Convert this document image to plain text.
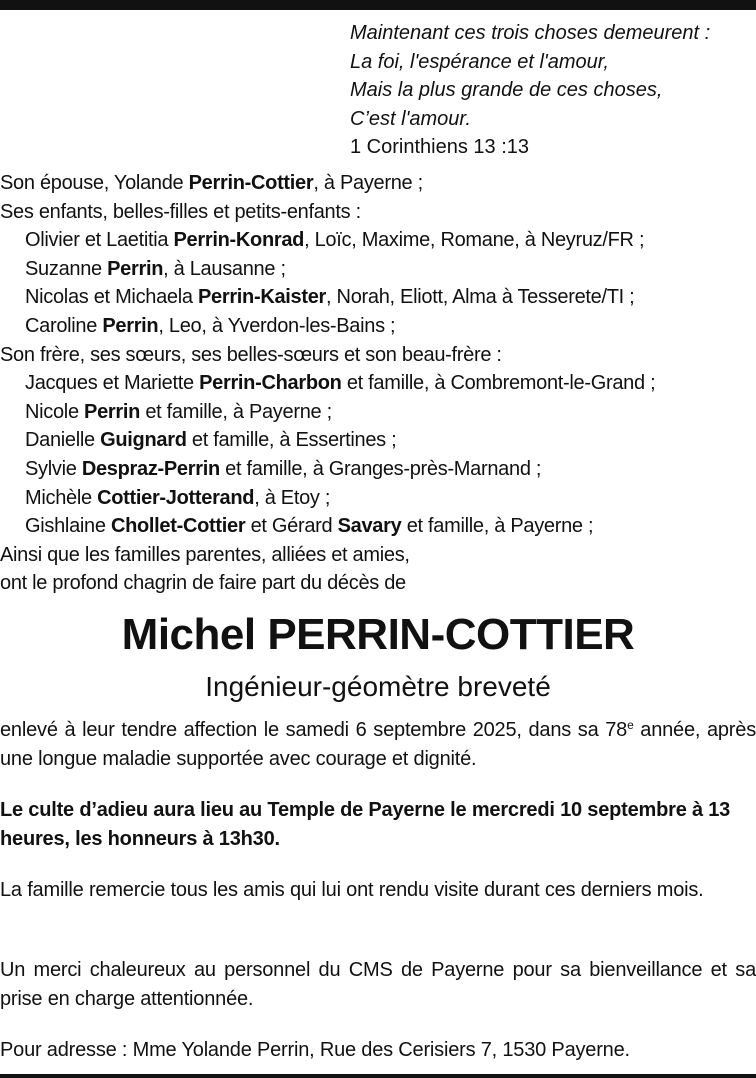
Maintenant ces trois choses demeurent :
La foi, l'espérance et l'amour,
Mais la plus grande de ces choses,
C’est l'amour.
1 Corinthiens 13 :13
Son épouse, Yolande Perrin-Cottier, à Payerne ;
Ses enfants, belles-filles et petits-enfants :
Olivier et Laetitia Perrin-Konrad, Loïc, Maxime, Romane, à Neyruz/FR ;
Suzanne Perrin, à Lausanne ;
Nicolas et Michaela Perrin-Kaister, Norah, Eliott, Alma à Tesserete/TI ;
Caroline Perrin, Leo, à Yverdon-les-Bains ;
Son frère, ses sœurs, ses belles-sœurs et son beau-frère :
Jacques et Mariette Perrin-Charbon et famille, à Combremont-le-Grand ;
Nicole Perrin et famille, à Payerne ;
Danielle Guignard et famille, à Essertines ;
Sylvie Despraz-Perrin et famille, à Granges-près-Marnand ;
Michèle Cottier-Jotterand, à Etoy ;
Gishlaine Chollet-Cottier et Gérard Savary et famille, à Payerne ;
Ainsi que les familles parentes, alliées et amies,
ont le profond chagrin de faire part du décès de
Michel PERRIN-COTTIER
Ingénieur-géomètre breveté
enlevé à leur tendre affection le samedi 6 septembre 2025, dans sa 78e année, après une longue maladie supportée avec courage et dignité.
Le culte d’adieu aura lieu au Temple de Payerne le mercredi 10 septembre à 13 heures, les honneurs à 13h30.
La famille remercie tous les amis qui lui ont rendu visite durant ces derniers mois.
Un merci chaleureux au personnel du CMS de Payerne pour sa bienveillance et sa prise en charge attentionnée.
Pour adresse : Mme Yolande Perrin, Rue des Cerisiers 7, 1530 Payerne.
